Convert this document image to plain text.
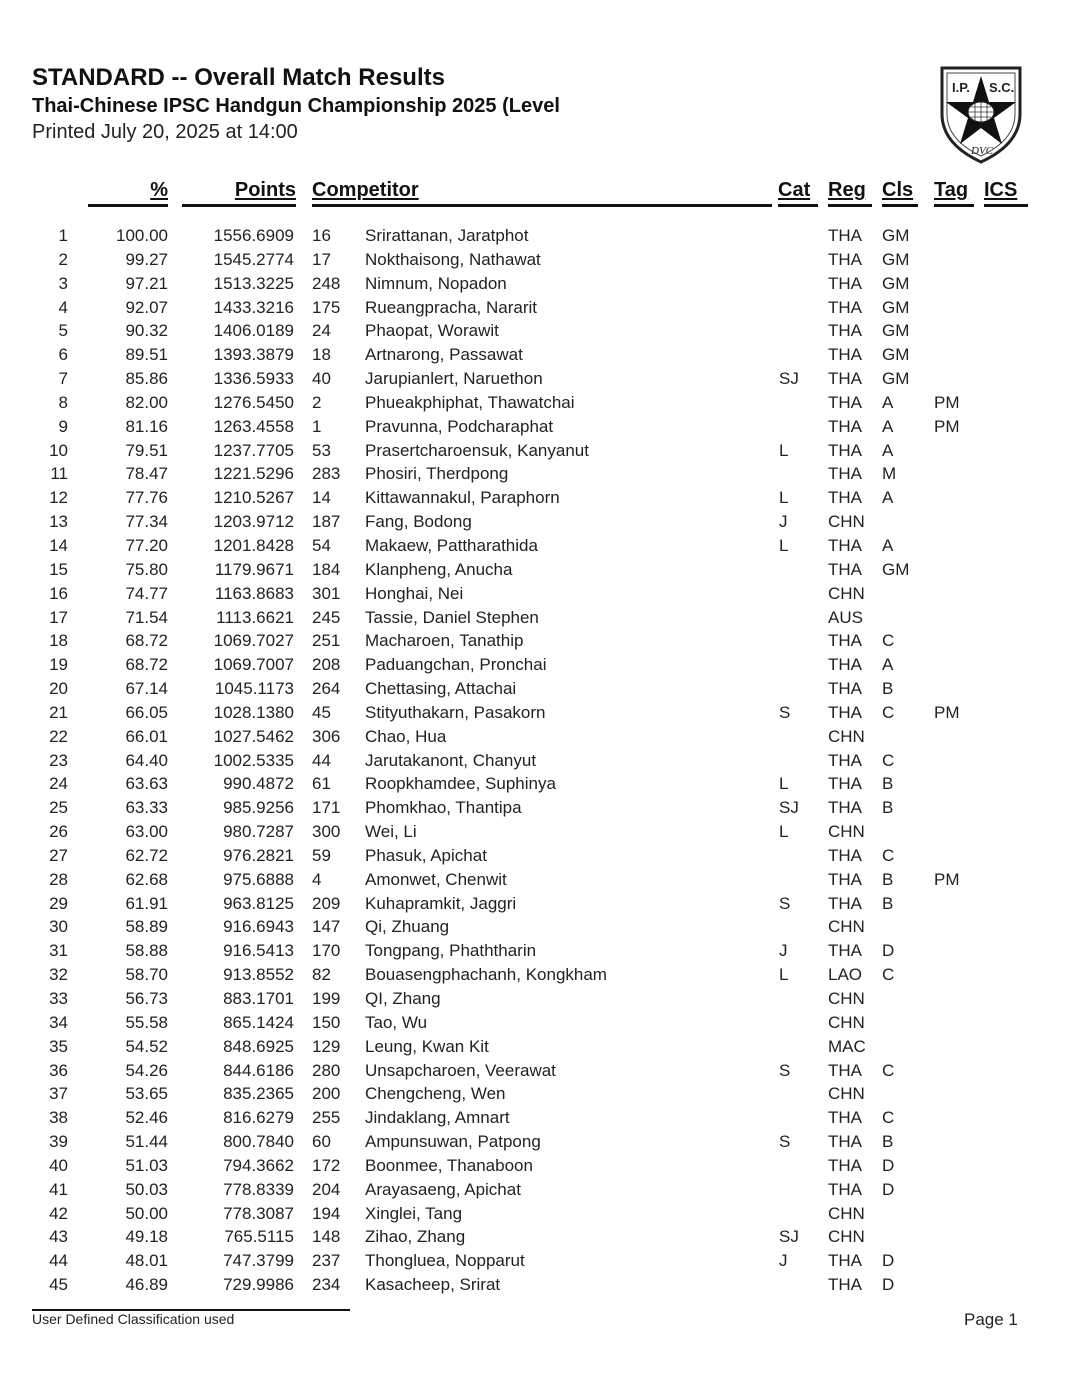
STANDARD -- Overall Match Results
Thai-Chinese IPSC Handgun Championship 2025 (Level
Printed July 20, 2025 at 14:00
I.P. S.C.
DVC
%	Points Competitor	Cat Reg Cls Tag ICS
1	100.00	1556.6909 16	Srirattanan, Jaratphot	THA	GM
2	99.27	1545.2774 17	Nokthaisong, Nathawat	THA	GM
3	97.21	1513.3225 248	Nimnum, Nopadon	THA	GM
4	92.07	1433.3216 175	Rueangpracha, Nararit	THA	GM
5	90.32	1406.0189 24	Phaopat, Worawit	THA	GM
6	89.51	1393.3879 18	Artnarong, Passawat	THA	GM
7	85.86	1336.5933 40	Jarupianlert, Naruethon	SJ	THA	GM
8	82.00	1276.5450 2	Phueakphiphat, Thawatchai	THA	A	PM
9	81.16	1263.4558 1	Pravunna, Podcharaphat	THA	A	PM
10	79.51	1237.7705 53	Prasertcharoensuk, Kanyanut	L	THA	A
11	78.47	1221.5296 283	Phosiri, Therdpong	THA	M
12	77.76	1210.5267 14	Kittawannakul, Paraphorn	L	THA	A
13	77.34	1203.9712 187	Fang, Bodong	J	CHN
14	77.20	1201.8428 54	Makaew, Pattharathida	L	THA	A
15	75.80	1179.9671 184	Klanpheng, Anucha	THA	GM
16	74.77	1163.8683 301	Honghai, Nei	CHN
17	71.54	1113.6621 245	Tassie, Daniel Stephen	AUS
18	68.72	1069.7027 251	Macharoen, Tanathip	THA	C
19	68.72	1069.7007 208	Paduangchan, Pronchai	THA	A
20	67.14	1045.1173 264	Chettasing, Attachai	THA	B
21	66.05	1028.1380 45	Stityuthakarn, Pasakorn	S	THA	C	PM
22	66.01	1027.5462 306	Chao, Hua	CHN
23	64.40	1002.5335 44	Jarutakanont, Chanyut	THA	C
24	63.63	990.4872 61	Roopkhamdee, Suphinya	L	THA	B
25	63.33	985.9256 171	Phomkhao, Thantipa	SJ	THA	B
26	63.00	980.7287 300	Wei, Li	L	CHN
27	62.72	976.2821 59	Phasuk, Apichat	THA	C
28	62.68	975.6888 4	Amonwet, Chenwit	THA	B	PM
29	61.91	963.8125 209	Kuhapramkit, Jaggri	S	THA	B
30	58.89	916.6943 147	Qi, Zhuang	CHN
31	58.88	916.5413 170	Tongpang, Phaththarin	J	THA	D
32	58.70	913.8552 82	Bouasengphachanh, Kongkham	L	LAO	C
33	56.73	883.1701 199	QI, Zhang	CHN
34	55.58	865.1424 150	Tao, Wu	CHN
35	54.52	848.6925 129	Leung, Kwan Kit	MAC
36	54.26	844.6186 280	Unsapcharoen, Veerawat	S	THA	C
37	53.65	835.2365 200	Chengcheng, Wen	CHN
38	52.46	816.6279 255	Jindaklang, Amnart	THA	C
39	51.44	800.7840 60	Ampunsuwan, Patpong	S	THA	B
40	51.03	794.3662 172	Boonmee, Thanaboon	THA	D
41	50.03	778.8339 204	Arayasaeng, Apichat	THA	D
42	50.00	778.3087 194	Xinglei, Tang	CHN
43	49.18	765.5115 148	Zihao, Zhang	SJ	CHN
44	48.01	747.3799 237	Thongluea, Nopparut	J	THA	D
45	46.89	729.9986 234	Kasacheep, Srirat	THA	D
User Defined Classification used	Page 1
